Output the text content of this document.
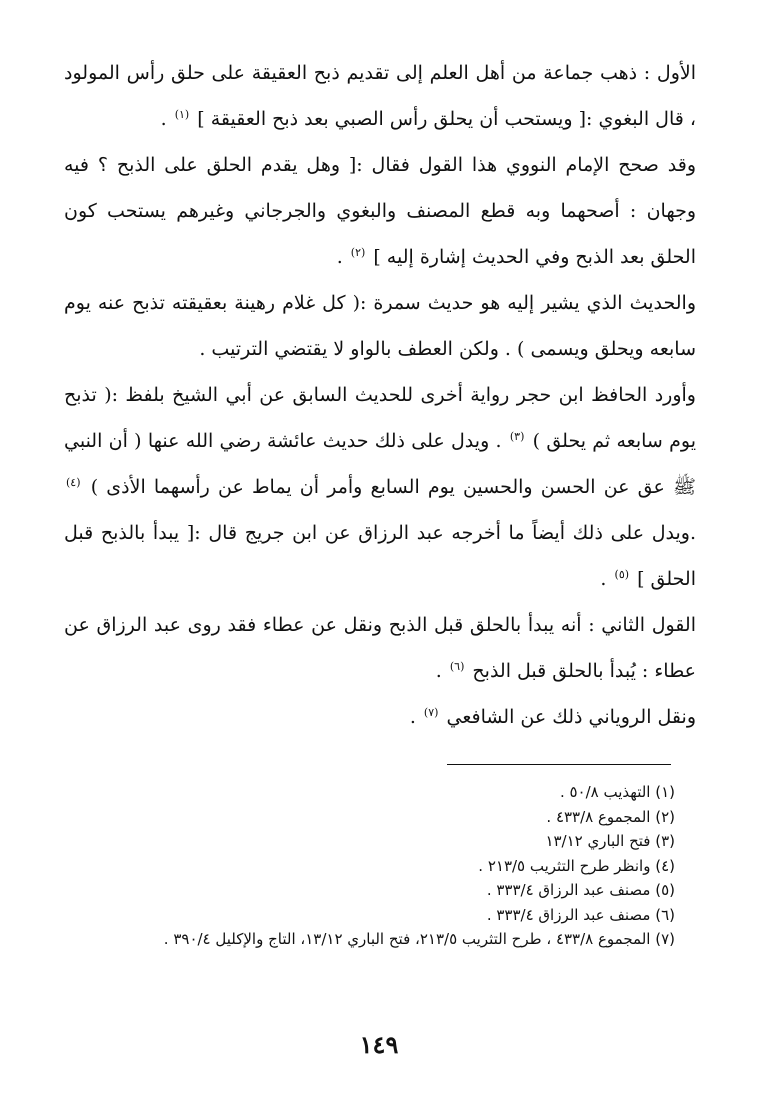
الأول : ذهب جماعة من أهل العلم إلى تقديم ذبح العقيقة على حلق رأس المولود ، قال البغوي :[ ويستحب أن يحلق رأس الصبي بعد ذبح العقيقة ] $^{(١)}$ .

وقد صحح الإمام النووي هذا القول فقال :[ وهل يقدم الحلق على الذبح ؟ فيه وجهان : أصحهما وبه قطع المصنف والبغوي والجرجاني وغيرهم يستحب كون الحلق بعد الذبح وفي الحديث إشارة إليه ] $^{(٢)}$ .

والحديث الذي يشير إليه هو حديث سمرة :( كل غلام رهينة بعقيقته تذبح عنه يوم سابعه ويحلق ويسمى ) . ولكن العطف بالواو لا يقتضي الترتيب .

وأورد الحافظ ابن حجر رواية أخرى للحديث السابق عن أبي الشيخ بلفظ :( تذبح يوم سابعه ثم يحلق ) $^{(٣)}$ . ويدل على ذلك حديث عائشة رضي الله عنها ( أن النبي ﷺ عق عن الحسن والحسين يوم السابع وأمر أن يماط عن رأسهما الأذى ) $^{(٤)}$ .ويدل على ذلك أيضاً ما أخرجه عبد الرزاق عن ابن جريج قال :[ يبدأ بالذبح قبل الحلق ] $^{(٥)}$ .

القول الثاني : أنه يبدأ بالحلق قبل الذبح ونقل عن عطاء فقد روى عبد الرزاق عن عطاء : يُبدأ بالحلق قبل الذبح $^{(٦)}$ .

ونقل الروياني ذلك عن الشافعي $^{(٧)}$ .

(١) التهذيب ٥٠/٨ .

(٢) المجموع ٤٣٣/٨ .

(٣) فتح الباري ١٣/١٢

(٤) وانظر طرح التثريب ٢١٣/٥ .

(٥) مصنف عبد الرزاق ٣٣٣/٤ .

(٦) مصنف عبد الرزاق ٣٣٣/٤ .

(٧) المجموع ٤٣٣/٨ ، طرح التثريب ٢١٣/٥، فتح الباري ١٣/١٢، التاج والإكليل ٣٩٠/٤ .

١٤٩
